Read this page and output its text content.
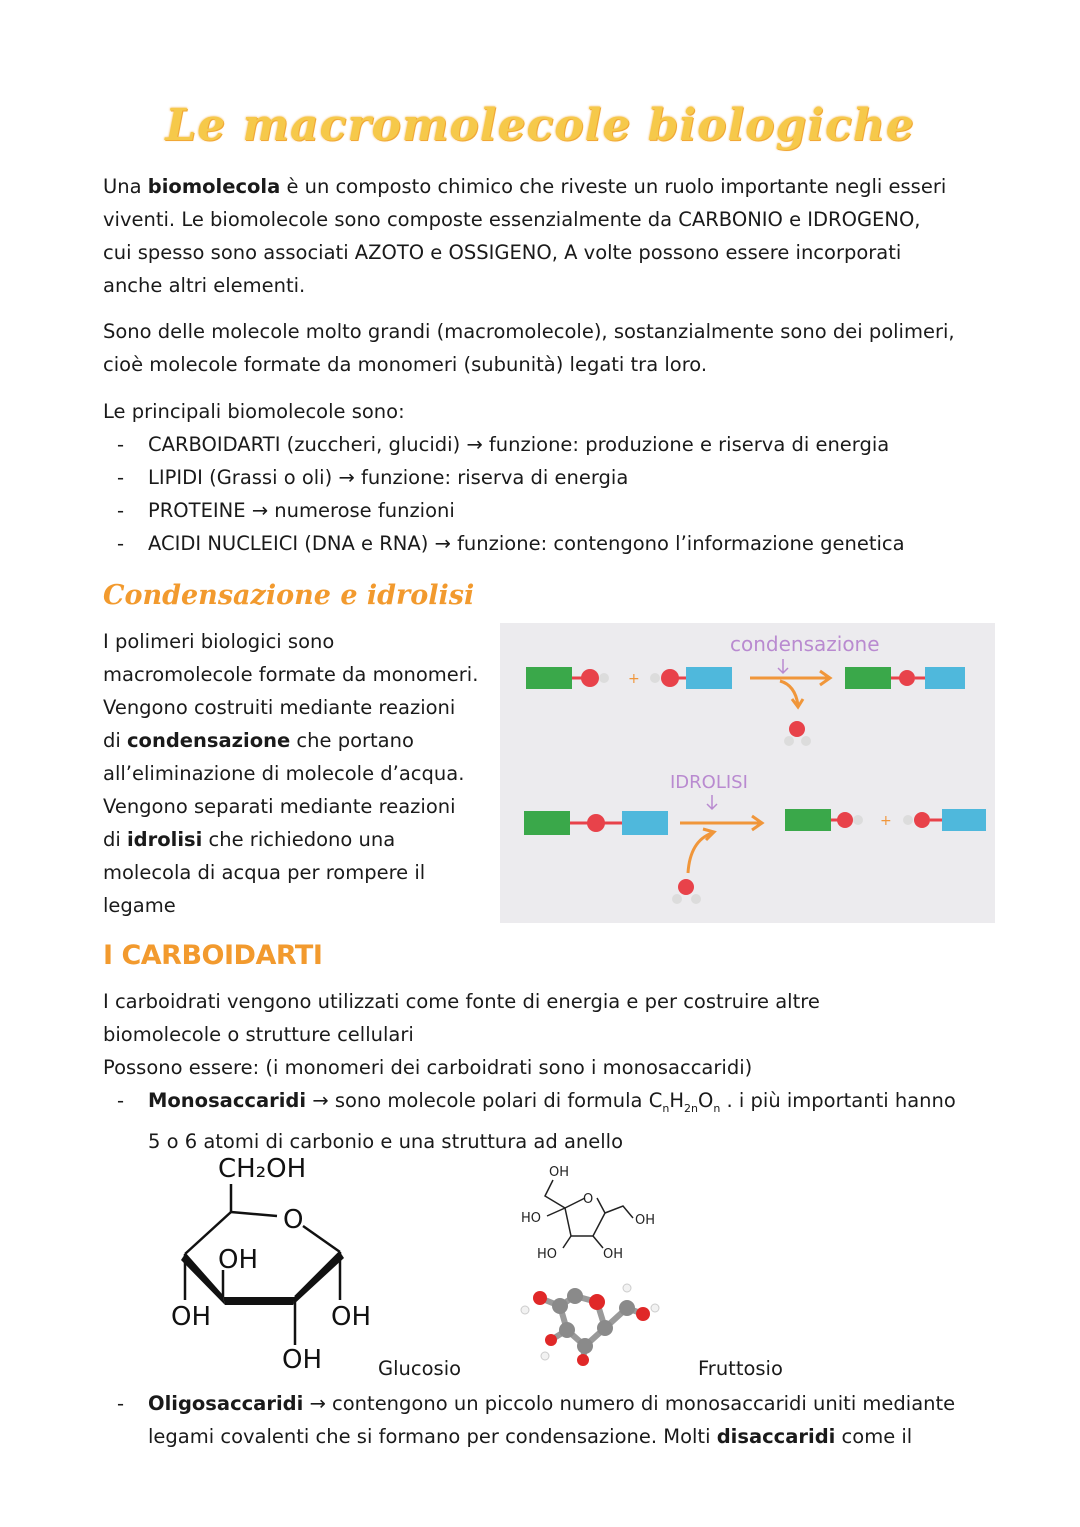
Le macromolecole biologiche
Una biomolecola è un composto chimico che riveste un ruolo importante negli esseri
viventi. Le biomolecole sono composte essenzialmente da CARBONIO e IDROGENO,
cui spesso sono associati AZOTO e OSSIGENO, A volte possono essere incorporati
anche altri elementi.
Sono delle molecole molto grandi (macromolecole), sostanzialmente sono dei polimeri,
cioè molecole formate da monomeri (subunità) legati tra loro.
Le principali biomolecole sono:
- CARBOIDARTI (zuccheri, glucidi) → funzione: produzione e riserva di energia
- LIPIDI (Grassi o oli) → funzione: riserva di energia
- PROTEINE → numerose funzioni
- ACIDI NUCLEICI (DNA e RNA) → funzione: contengono l’informazione genetica
Condensazione e idrolisi
I polimeri biologici sono
macromolecole formate da monomeri.
Vengono costruiti mediante reazioni
di condensazione che portano
all’eliminazione di molecole d’acqua.
Vengono separati mediante reazioni
di idrolisi che richiedono una
molecola di acqua per rompere il
legame
condensazione
+
IDROLISI
+
I CARBOIDARTI
I carboidrati vengono utilizzati come fonte di energia e per costruire altre
biomolecole o strutture cellulari
Possono essere: (i monomeri dei carboidrati sono i monosaccaridi)
- Monosaccaridi → sono molecole polari di formula $C_nH_{2n}O_n$ . i più importanti hanno
5 o 6 atomi di carbonio e una struttura ad anello
CH₂OH
O
OH
OH	OH
OH	Glucosio
OH
HO	OH
HO	OH
O
Fruttosio
- Oligosaccaridi → contengono un piccolo numero di monosaccaridi uniti mediante
legami covalenti che si formano per condensazione. Molti disaccaridi come il
